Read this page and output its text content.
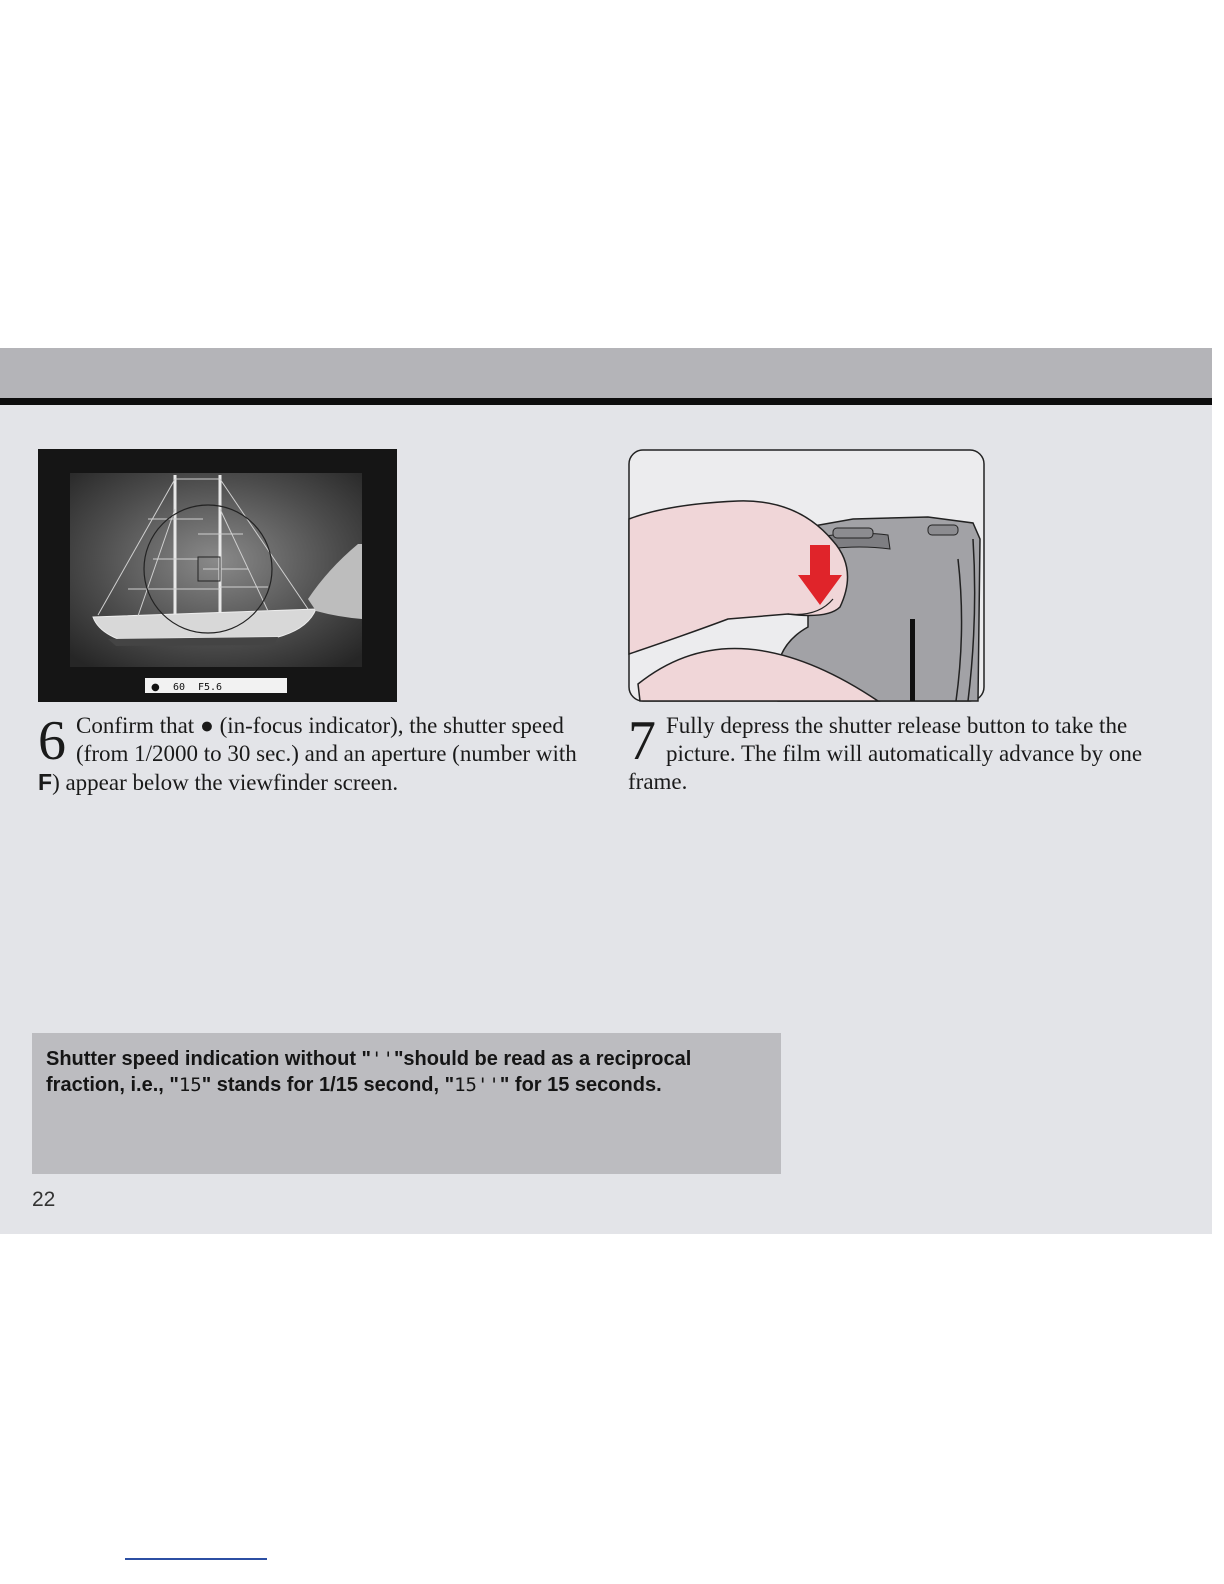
● 60 F5.6
6 Confirm that ● (in-focus indicator), the shutter speed (from 1/2000 to 30 sec.) and an aperture (number with F) appear below the viewfinder screen.
7 Fully depress the shutter release button to take the picture. The film will automatically advance by one frame.
Shutter speed indication without "''"should be read as a reciprocal fraction, i.e., "15" stands for 1/15 second, "15''" for 15 seconds.
22
